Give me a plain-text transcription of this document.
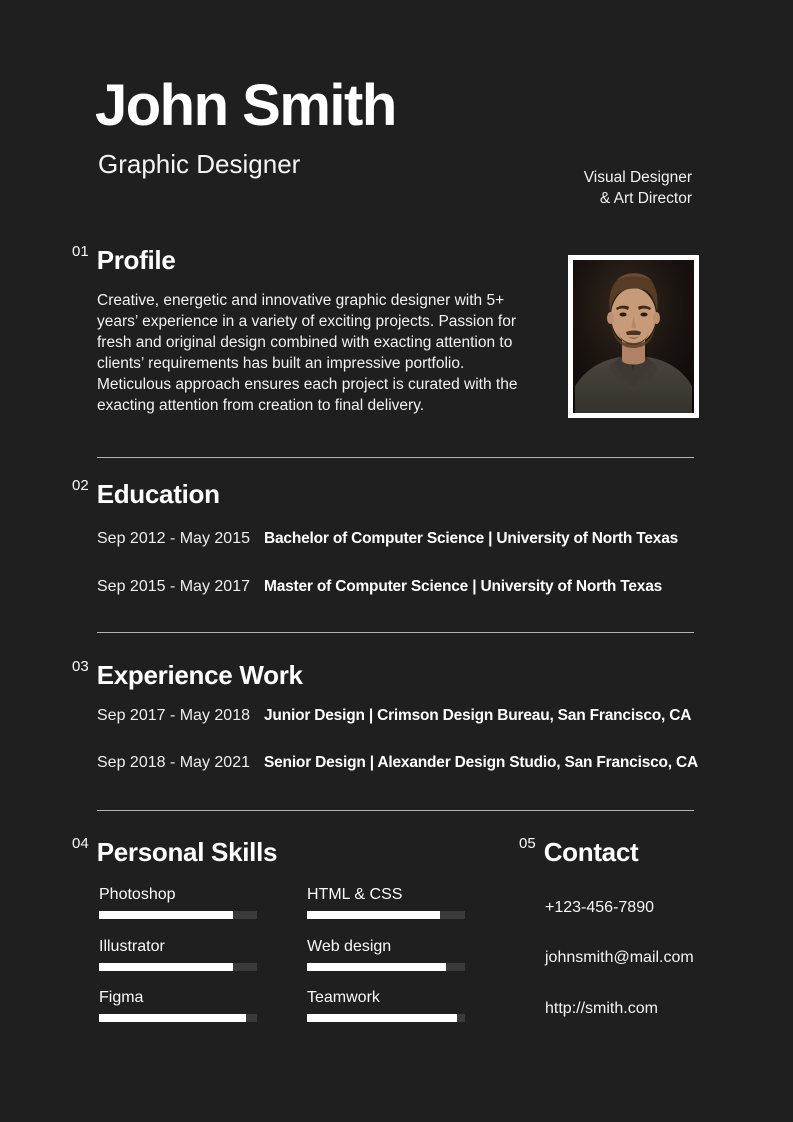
John Smith
Graphic Designer	Visual Designer
& Art Director
01 Profile

Creative, energetic and innovative graphic designer with 5+ years’ experience in a variety of exciting projects. Passion for fresh and original design combined with exacting attention to clients’ requirements has built an impressive portfolio. Meticulous approach ensures each project is curated with the exacting attention from creation to final delivery.

02 Education
Sep 2012 - May 2015 Bachelor of Computer Science | University of North Texas
Sep 2015 - May 2017 Master of Computer Science | University of North Texas
03 Experience Work
Sep 2017 - May 2018 Junior Design | Crimson Design Bureau, San Francisco, CA
Sep 2018 - May 2021 Senior Design | Alexander Design Studio, San Francisco, CA
04 Personal Skills
Photoshop
Illustrator
Figma
HTML & CSS
Web design
Teamwork
05 Contact
+123-456-7890
johnsmith@mail.com
http://smith.com
